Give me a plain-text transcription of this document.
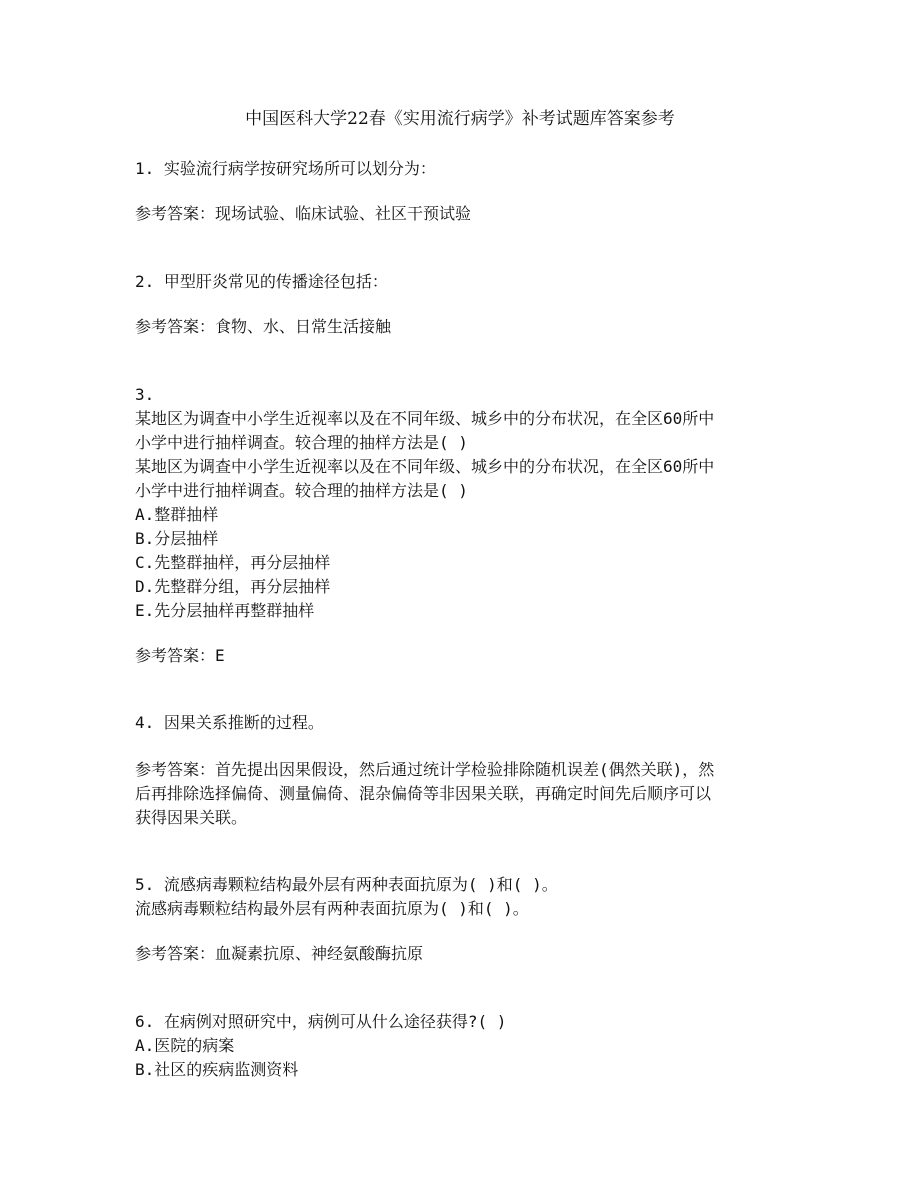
中国医科大学22春《实用流行病学》补考试题库答案参考
1. 实验流行病学按研究场所可以划分为：
参考答案：现场试验、临床试验、社区干预试验
2. 甲型肝炎常见的传播途径包括：
参考答案：食物、水、日常生活接触
3.
某地区为调查中小学生近视率以及在不同年级、城乡中的分布状况，在全区60所中
小学中进行抽样调查。较合理的抽样方法是( )
某地区为调查中小学生近视率以及在不同年级、城乡中的分布状况，在全区60所中
小学中进行抽样调查。较合理的抽样方法是( )
A.整群抽样
B.分层抽样
C.先整群抽样，再分层抽样
D.先整群分组，再分层抽样
E.先分层抽样再整群抽样
参考答案：E
4. 因果关系推断的过程。
参考答案：首先提出因果假设，然后通过统计学检验排除随机误差(偶然关联)，然
后再排除选择偏倚、测量偏倚、混杂偏倚等非因果关联，再确定时间先后顺序可以
获得因果关联。
5. 流感病毒颗粒结构最外层有两种表面抗原为( )和( )。
流感病毒颗粒结构最外层有两种表面抗原为( )和( )。
参考答案：血凝素抗原、神经氨酸酶抗原
6. 在病例对照研究中，病例可从什么途径获得?( )
A.医院的病案
B.社区的疾病监测资料
